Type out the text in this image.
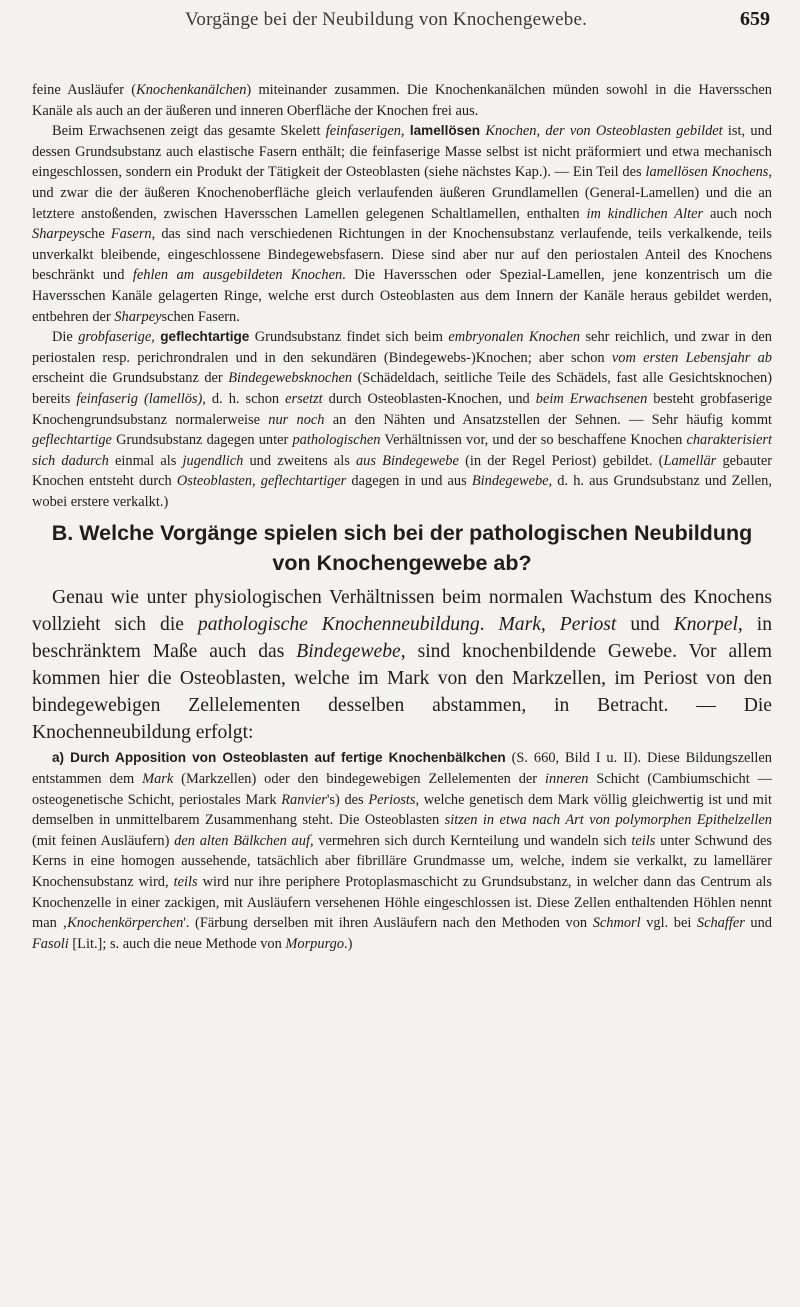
Vorgänge bei der Neubildung von Knochengewebe.	659

feine Ausläufer (Knochenkanälchen) miteinander zusammen. Die Knochenkanälchen münden sowohl in die Haversschen Kanäle als auch an der äußeren und inneren Oberfläche der Knochen frei aus.

Beim Erwachsenen zeigt das gesamte Skelett feinfaserigen, lamellösen Knochen, der von Osteoblasten gebildet ist, und dessen Grundsubstanz auch elastische Fasern enthält; die feinfaserige Masse selbst ist nicht präformiert und etwa mechanisch eingeschlossen, sondern ein Produkt der Tätigkeit der Osteoblasten (siehe nächstes Kap.). — Ein Teil des lamellösen Knochens, und zwar die der äußeren Knochenoberfläche gleich verlaufenden äußeren Grundlamellen (General-Lamellen) und die an letztere anstoßenden, zwischen Haversschen Lamellen gelegenen Schaltlamellen, enthalten im kindlichen Alter auch noch Sharpeysche Fasern, das sind nach verschiedenen Richtungen in der Knochensubstanz verlaufende, teils verkalkende, teils unverkalkt bleibende, eingeschlossene Bindegewebsfasern. Diese sind aber nur auf den periostalen Anteil des Knochens beschränkt und fehlen am ausgebildeten Knochen. Die Haversschen oder Spezial-Lamellen, jene konzentrisch um die Haversschen Kanäle gelagerten Ringe, welche erst durch Osteoblasten aus dem Innern der Kanäle heraus gebildet werden, entbehren der Sharpeyschen Fasern.

Die grobfaserige, geflechtartige Grundsubstanz findet sich beim embryonalen Knochen sehr reichlich, und zwar in den periostalen resp. perichrondralen und in den sekundären (Bindegewebs-)Knochen; aber schon vom ersten Lebensjahr ab erscheint die Grundsubstanz der Bindegewebsknochen (Schädeldach, seitliche Teile des Schädels, fast alle Gesichtsknochen) bereits feinfaserig (lamellös), d. h. schon ersetzt durch Osteoblasten-Knochen, und beim Erwachsenen besteht grobfaserige Knochengrundsubstanz normalerweise nur noch an den Nähten und Ansatzstellen der Sehnen. — Sehr häufig kommt geflechtartige Grundsubstanz dagegen unter pathologischen Verhältnissen vor, und der so beschaffene Knochen charakterisiert sich dadurch einmal als jugendlich und zweitens als aus Bindegewebe (in der Regel Periost) gebildet. (Lamellär gebauter Knochen entsteht durch Osteoblasten, geflechtartiger dagegen in und aus Bindegewebe, d. h. aus Grundsubstanz und Zellen, wobei erstere verkalkt.)

B. Welche Vorgänge spielen sich bei der pathologischen Neubildung
von Knochengewebe ab?

Genau wie unter physiologischen Verhältnissen beim normalen Wachstum des Knochens vollzieht sich die pathologische Knochenneubildung. Mark, Periost und Knorpel, in beschränktem Maße auch das Bindegewebe, sind knochenbildende Gewebe. Vor allem kommen hier die Osteoblasten, welche im Mark von den Markzellen, im Periost von den bindegewebigen Zellelementen desselben abstammen, in Betracht. — Die Knochenneubildung erfolgt:

a) Durch Apposition von Osteoblasten auf fertige Knochenbälkchen (S. 660, Bild I u. II). Diese Bildungszellen entstammen dem Mark (Markzellen) oder den bindegewebigen Zellelementen der inneren Schicht (Cambiumschicht — osteogenetische Schicht, periostales Mark Ranvier's) des Periosts, welche genetisch dem Mark völlig gleichwertig ist und mit demselben in unmittelbarem Zusammenhang steht. Die Osteoblasten sitzen in etwa nach Art von polymorphen Epithelzellen (mit feinen Ausläufern) den alten Bälkchen auf, vermehren sich durch Kernteilung und wandeln sich teils unter Schwund des Kerns in eine homogen aussehende, tatsächlich aber fibrilläre Grundmasse um, welche, indem sie verkalkt, zu lamellärer Knochensubstanz wird, teils wird nur ihre periphere Protoplasmaschicht zu Grundsubstanz, in welcher dann das Centrum als Knochenzelle in einer zackigen, mit Ausläufern versehenen Höhle eingeschlossen ist. Diese Zellen enthaltenden Höhlen nennt man ‚Knochenkörperchen'. (Färbung derselben mit ihren Ausläufern nach den Methoden von Schmorl vgl. bei Schaffer und Fasoli [Lit.]; s. auch die neue Methode von Morpurgo.)
